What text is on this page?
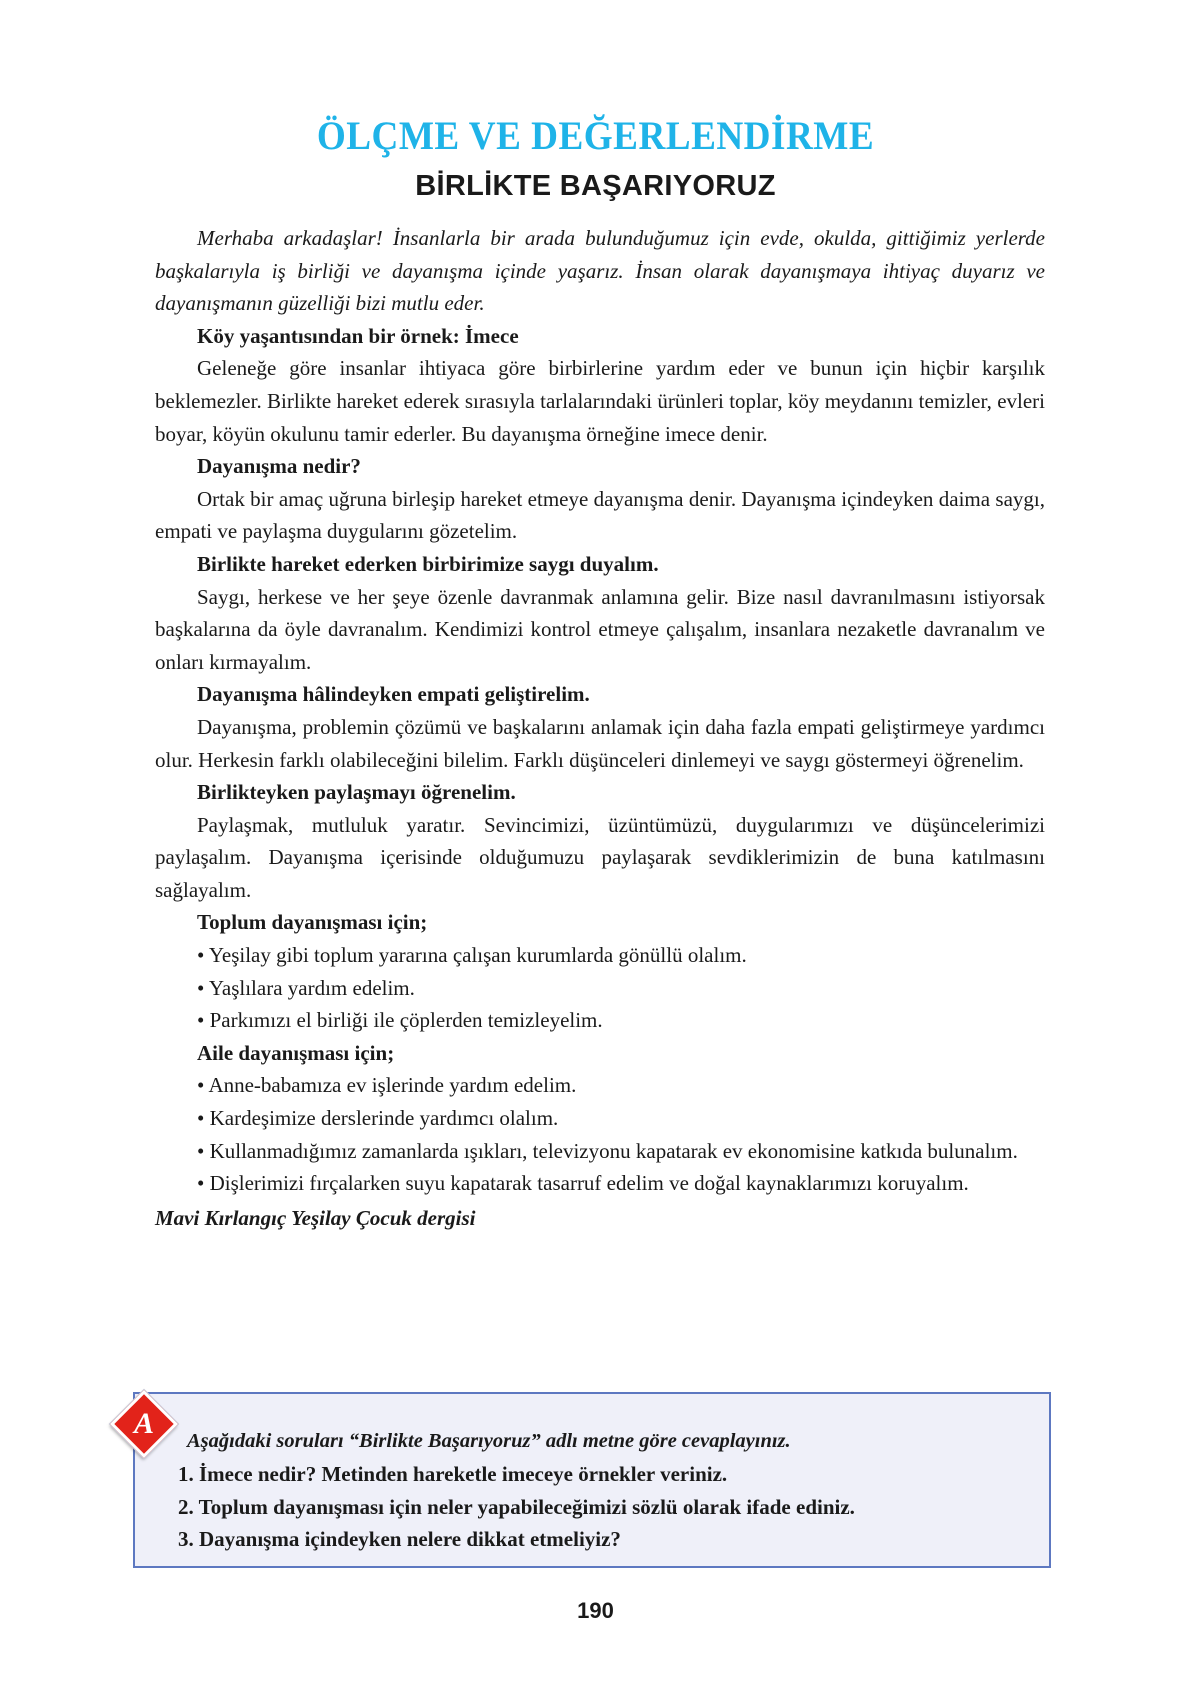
ÖLÇME VE DEĞERLENDİRME
BİRLİKTE BAŞARIYORUZ

Merhaba arkadaşlar! İnsanlarla bir arada bulunduğumuz için evde, okulda, gittiğimiz yerlerde başkalarıyla iş birliği ve dayanışma içinde yaşarız. İnsan olarak dayanışmaya ihtiyaç duyarız ve dayanışmanın güzelliği bizi mutlu eder.

Köy yaşantısından bir örnek: İmece

Geleneğe göre insanlar ihtiyaca göre birbirlerine yardım eder ve bunun için hiçbir karşılık beklemezler. Birlikte hareket ederek sırasıyla tarlalarındaki ürünleri toplar, köy meydanını temizler, evleri boyar, köyün okulunu tamir ederler. Bu dayanışma örneğine imece denir.

Dayanışma nedir?

Ortak bir amaç uğruna birleşip hareket etmeye dayanışma denir. Dayanışma içindeyken daima saygı, empati ve paylaşma duygularını gözetelim.

Birlikte hareket ederken birbirimize saygı duyalım.

Saygı, herkese ve her şeye özenle davranmak anlamına gelir. Bize nasıl davranılmasını istiyorsak başkalarına da öyle davranalım. Kendimizi kontrol etmeye çalışalım, insanlara nezaketle davranalım ve onları kırmayalım.

Dayanışma hâlindeyken empati geliştirelim.

Dayanışma, problemin çözümü ve başkalarını anlamak için daha fazla empati geliştirmeye yardımcı olur. Herkesin farklı olabileceğini bilelim. Farklı düşünceleri dinlemeyi ve saygı göstermeyi öğrenelim.

Birlikteyken paylaşmayı öğrenelim.

Paylaşmak, mutluluk yaratır. Sevincimizi, üzüntümüzü, duygularımızı ve düşüncelerimizi paylaşalım. Dayanışma içerisinde olduğumuzu paylaşarak sevdiklerimizin de buna katılmasını sağlayalım.

Toplum dayanışması için;

• Yeşilay gibi toplum yararına çalışan kurumlarda gönüllü olalım.

• Yaşlılara yardım edelim.

• Parkımızı el birliği ile çöplerden temizleyelim.

Aile dayanışması için;

• Anne-babamıza ev işlerinde yardım edelim.

• Kardeşimize derslerinde yardımcı olalım.

• Kullanmadığımız zamanlarda ışıkları, televizyonu kapatarak ev ekonomisine katkıda bulunalım.

• Dişlerimizi fırçalarken suyu kapatarak tasarruf edelim ve doğal kaynaklarımızı koruyalım.

Mavi Kırlangıç Yeşilay Çocuk dergisi

A
Aşağıdaki soruları “Birlikte Başarıyoruz” adlı metne göre cevaplayınız.
1. İmece nedir? Metinden hareketle imeceye örnekler veriniz.
2. Toplum dayanışması için neler yapabileceğimizi sözlü olarak ifade ediniz.
3. Dayanışma içindeyken nelere dikkat etmeliyiz?
190
